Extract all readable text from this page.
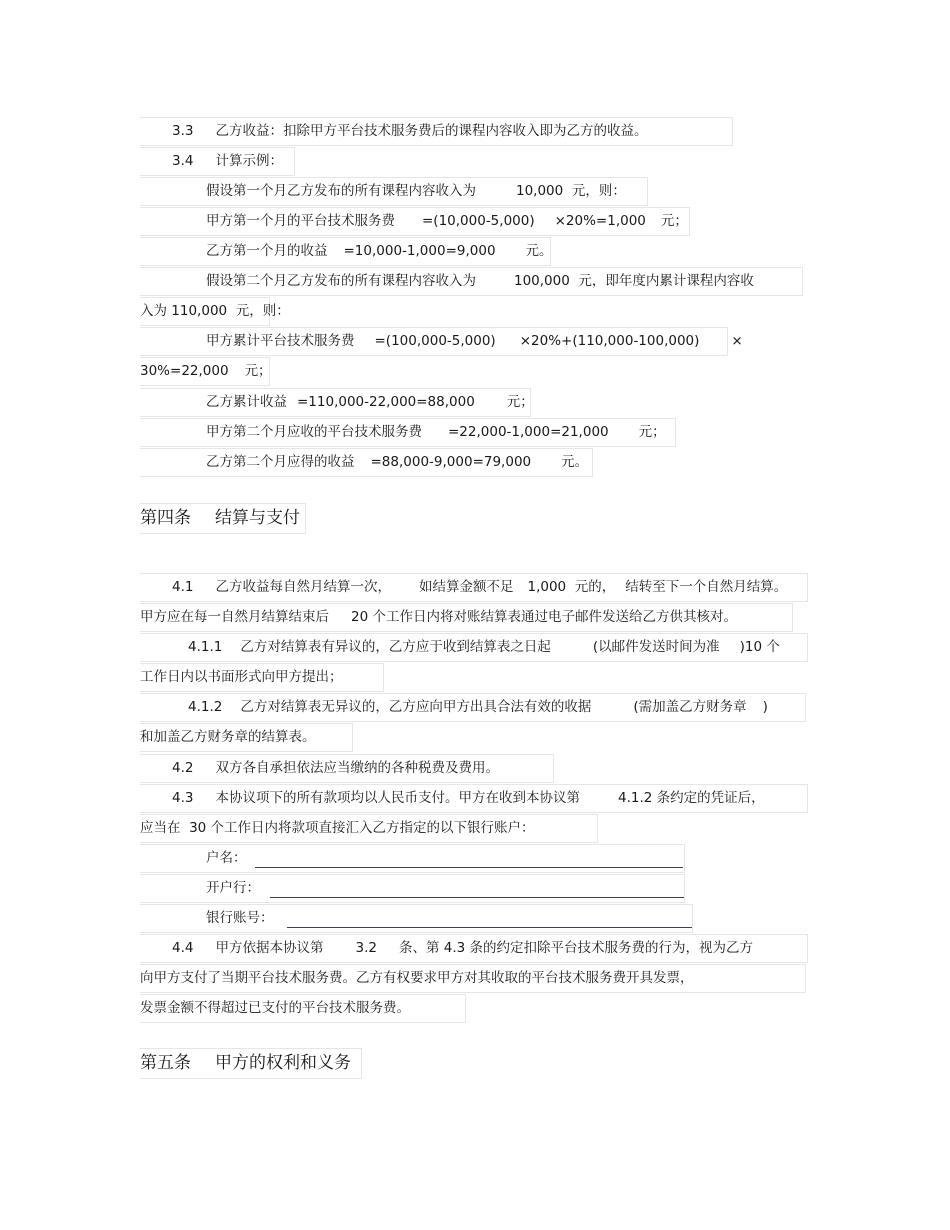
3.3 乙方收益：扣除甲方平台技术服务费后的课程内容收入即为乙方的收益。
3.4 计算示例：
假设第一个月乙方发布的所有课程内容收入为	10,000  元，则：
甲方第一个月的平台技术服务费 =(10,000-5,000) ×20%=1,000 元；
乙方第一个月的收益 =10,000-1,000=9,000 元。
假设第二个月乙方发布的所有课程内容收入为	100,000  元，即年度内累计课程内容收
入为 110,000  元，则：
甲方累计平台技术服务费 =(100,000-5,000) ×20%+(110,000-100,000) ×
30%=22,000 元；
乙方累计收益 =110,000-22,000=88,000 元；
甲方第二个月应收的平台技术服务费 =22,000-1,000=21,000 元；
乙方第二个月应得的收益 =88,000-9,000=79,000 元。
第四条 结算与支付
4.1 乙方收益每自然月结算一次， 如结算金额不足 1,000  元的， 结转至下一个自然月结算。
甲方应在每一自然月结算结束后 20 个工作日内将对账结算表通过电子邮件发送给乙方供其核对。
4.1.1 乙方对结算表有异议的，乙方应于收到结算表之日起	(以邮件发送时间为准 )10 个
工作日内以书面形式向甲方提出；
4.1.2 乙方对结算表无异议的，乙方应向甲方出具合法有效的收据	(需加盖乙方财务章 )
和加盖乙方财务章的结算表。
4.2 双方各自承担依法应当缴纳的各种税费及费用。
4.3 本协议项下的所有款项均以人民币支付。甲方在收到本协议第	4.1.2 条约定的凭证后，
应当在  30 个工作日内将款项直接汇入乙方指定的以下银行账户：
户名：
开户行：
银行账号：
4.4 甲方依据本协议第 3.2 条、第 4.3 条的约定扣除平台技术服务费的行为，视为乙方
向甲方支付了当期平台技术服务费。乙方有权要求甲方对其收取的平台技术服务费开具发票，
发票金额不得超过已支付的平台技术服务费。
第五条 甲方的权利和义务
